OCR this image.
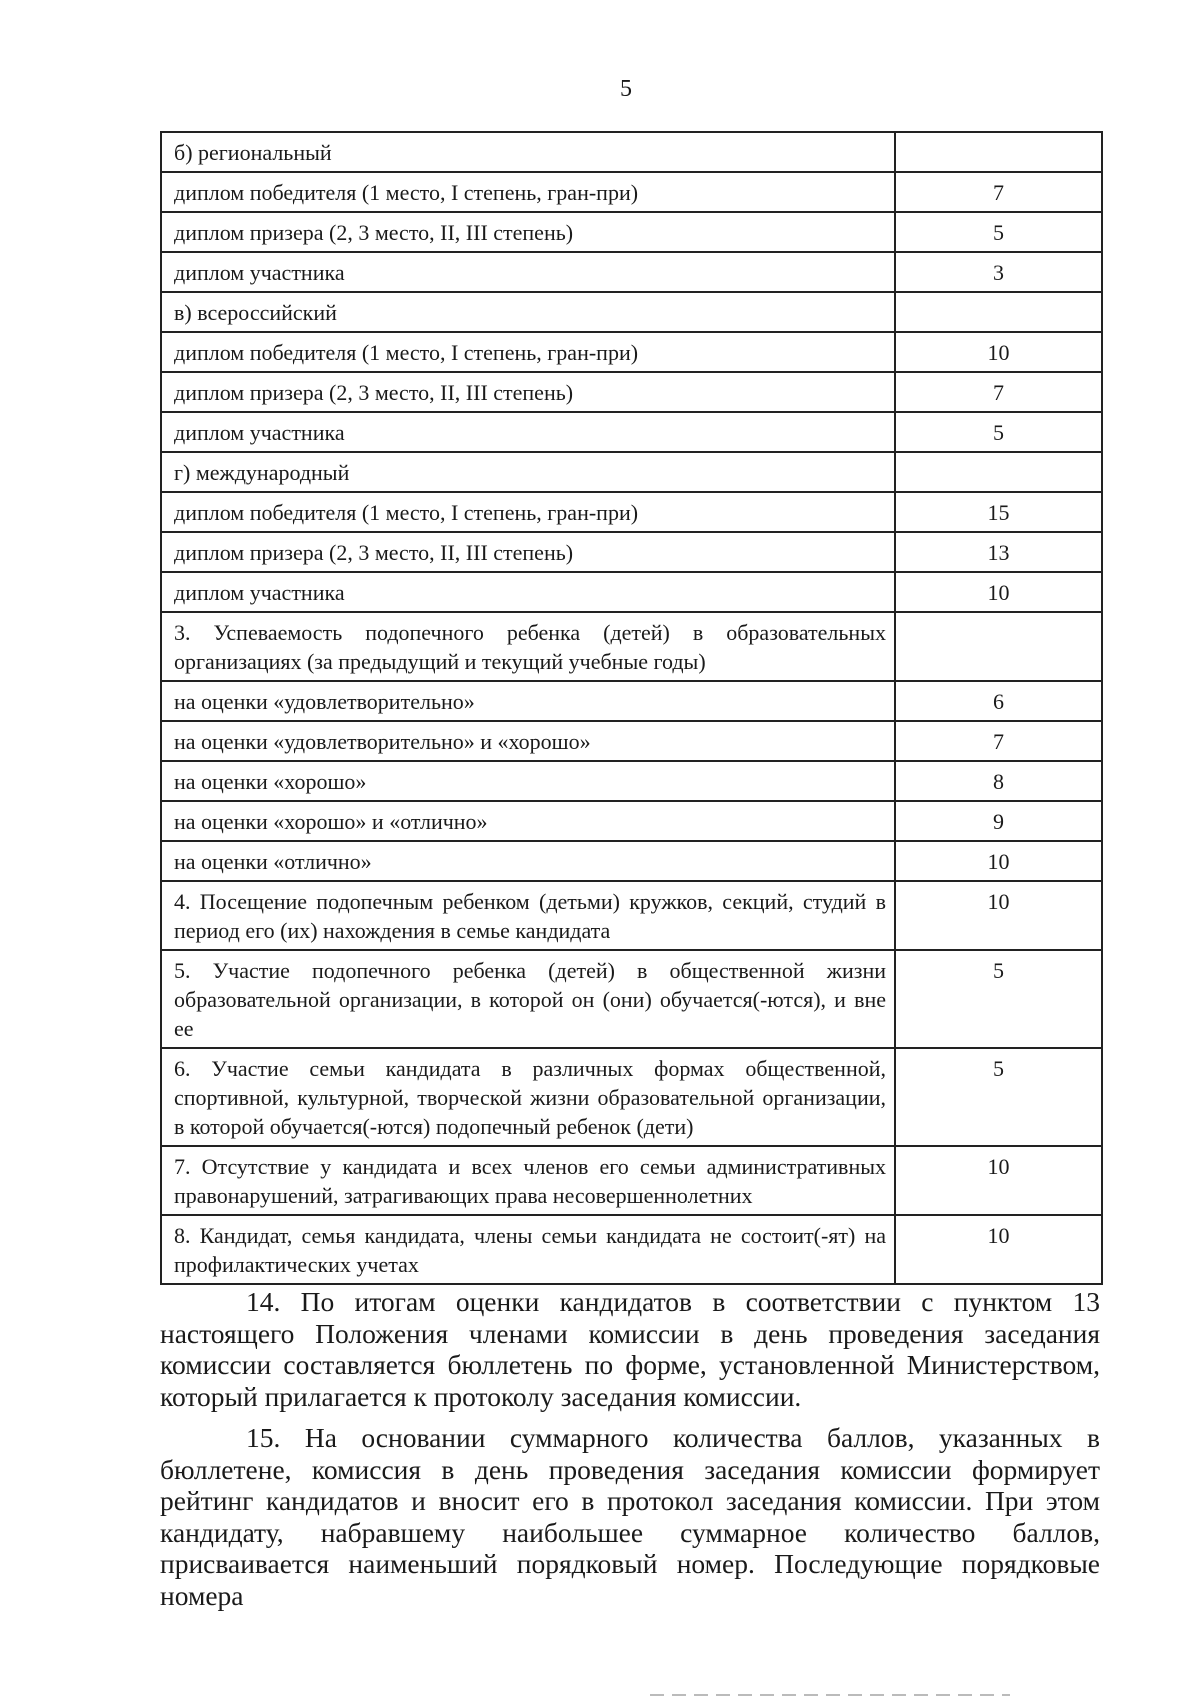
5
б) региональный	
диплом победителя (1 место, I степень, гран-при)	7
диплом призера (2, 3 место, II, III степень)	5
диплом участника	3
в) всероссийский	
диплом победителя (1 место, I степень, гран-при)	10
диплом призера (2, 3 место, II, III степень)	7
диплом участника	5
г) международный	
диплом победителя (1 место, I степень, гран-при)	15
диплом призера (2, 3 место, II, III степень)	13
диплом участника	10
3. Успеваемость подопечного ребенка (детей) в образовательных организациях (за предыдущий и текущий учебные годы)	
на оценки «удовлетворительно»	6
на оценки «удовлетворительно» и «хорошо»	7
на оценки «хорошо»	8
на оценки «хорошо» и «отлично»	9
на оценки «отлично»	10
4. Посещение подопечным ребенком (детьми) кружков, секций, студий в период его (их) нахождения в семье кандидата	10
5. Участие подопечного ребенка (детей) в общественной жизни образовательной организации, в которой он (они) обучается(-ются), и вне ее	5
6. Участие семьи кандидата в различных формах общественной, спортивной, культурной, творческой жизни образовательной организации, в которой обучается(-ются) подопечный ребенок (дети)	5
7. Отсутствие у кандидата и всех членов его семьи административных правонарушений, затрагивающих права несовершеннолетних	10
8. Кандидат, семья кандидата, члены семьи кандидата не состоит(-ят) на профилактических учетах	10

14. По итогам оценки кандидатов в соответствии с пунктом 13 настоящего Положения членами комиссии в день проведения заседания комиссии составляется бюллетень по форме, установленной Министерством, который прилагается к протоколу заседания комиссии.

15. На основании суммарного количества баллов, указанных в бюллетене, комиссия в день проведения заседания комиссии формирует рейтинг кандидатов и вносит его в протокол заседания комиссии. При этом кандидату, набравшему наибольшее суммарное количество баллов, присваивается наименьший порядковый номер. Последующие порядковые номера
